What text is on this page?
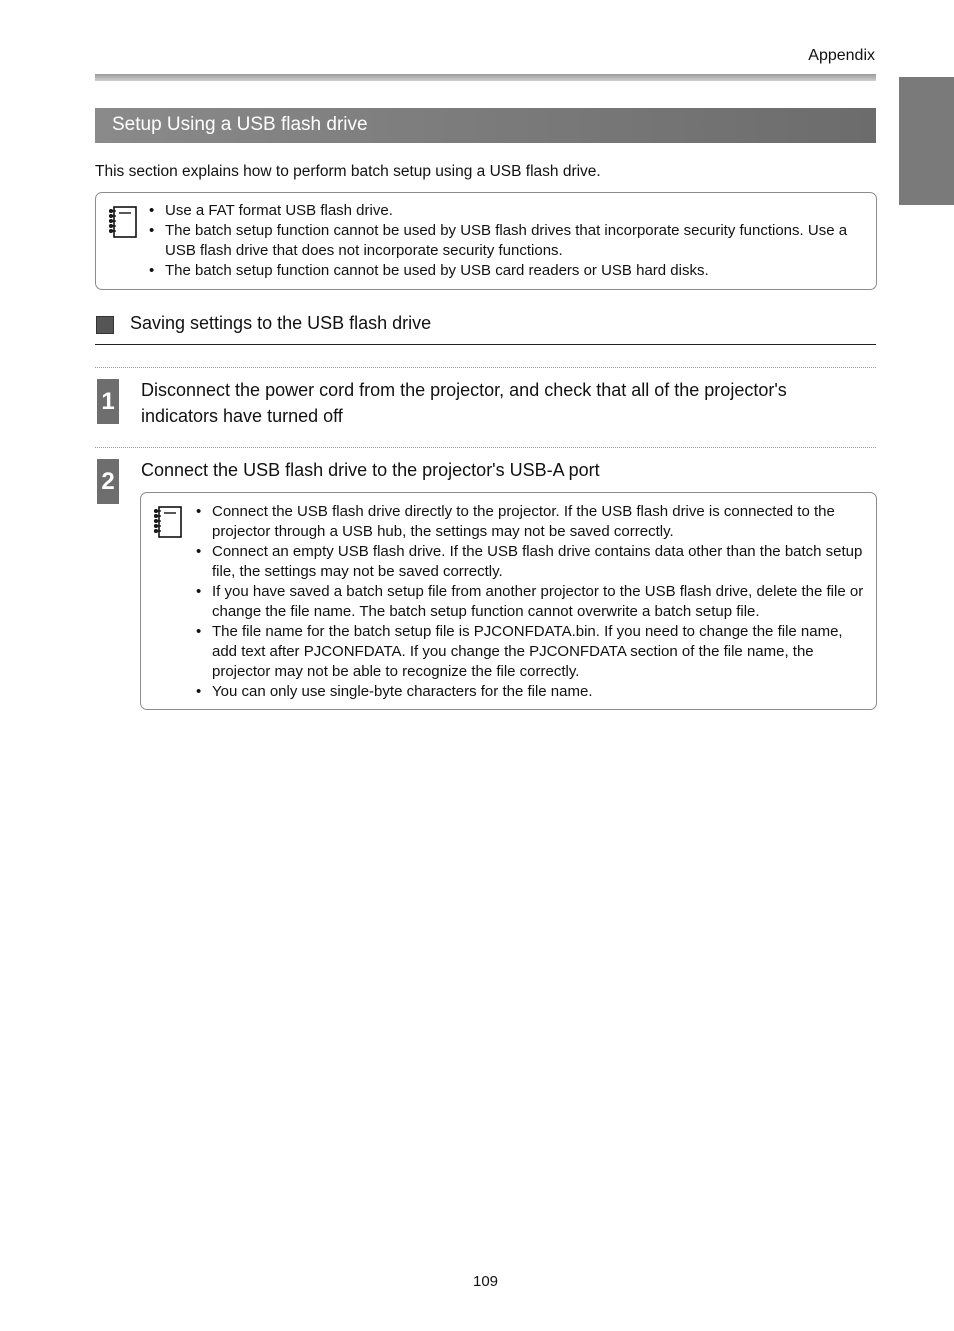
Appendix
Setup Using a USB flash drive
This section explains how to perform batch setup using a USB flash drive.
• Use a FAT format USB flash drive.
• The batch setup function cannot be used by USB flash drives that incorporate security functions. Use a USB flash drive that does not incorporate security functions.
• The batch setup function cannot be used by USB card readers or USB hard disks.
Saving settings to the USB flash drive
1 Disconnect the power cord from the projector, and check that all of the projector's indicators have turned off
2 Connect the USB flash drive to the projector's USB-A port
• Connect the USB flash drive directly to the projector. If the USB flash drive is connected to the projector through a USB hub, the settings may not be saved correctly.
• Connect an empty USB flash drive. If the USB flash drive contains data other than the batch setup file, the settings may not be saved correctly.
• If you have saved a batch setup file from another projector to the USB flash drive, delete the file or change the file name. The batch setup function cannot overwrite a batch setup file.
• The file name for the batch setup file is PJCONFDATA.bin. If you need to change the file name, add text after PJCONFDATA. If you change the PJCONFDATA section of the file name, the projector may not be able to recognize the file correctly.
• You can only use single-byte characters for the file name.
109
